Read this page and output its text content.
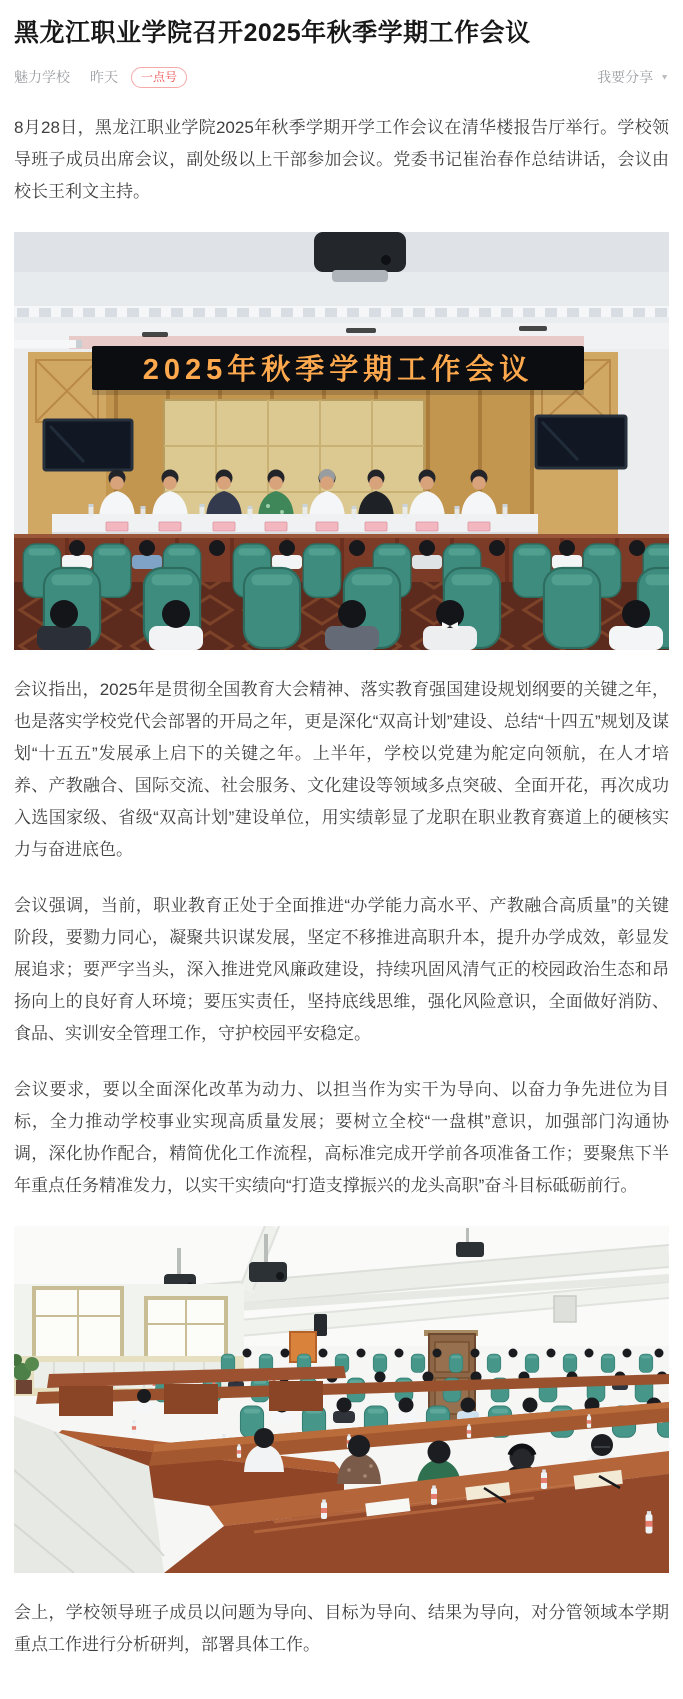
黑龙江职业学院召开2025年秋季学期工作会议
魅力学校 昨天	一点号	我要分享 ▼

8月28日，黑龙江职业学院2025年秋季学期开学工作会议在清华楼报告厅举行。学校领导班子成员出席会议，副处级以上干部参加会议。党委书记崔治春作总结讲话，会议由校长王利文主持。

2025年秋季学期工作会议

会议指出，2025年是贯彻全国教育大会精神、落实教育强国建设规划纲要的关键之年，也是落实学校党代会部署的开局之年，更是深化“双高计划”建设、总结“十四五”规划及谋划“十五五”发展承上启下的关键之年。上半年，学校以党建为舵定向领航，在人才培养、产教融合、国际交流、社会服务、文化建设等领域多点突破、全面开花，再次成功入选国家级、省级“双高计划”建设单位，用实绩彰显了龙职在职业教育赛道上的硬核实力与奋进底色。

会议强调，当前，职业教育正处于全面推进“办学能力高水平、产教融合高质量”的关键阶段，要勠力同心，凝聚共识谋发展，坚定不移推进高职升本，提升办学成效，彰显发展追求；要严字当头，深入推进党风廉政建设，持续巩固风清气正的校园政治生态和昂扬向上的良好育人环境；要压实责任，坚持底线思维，强化风险意识，全面做好消防、食品、实训安全管理工作，守护校园平安稳定。

会议要求，要以全面深化改革为动力、以担当作为实干为导向、以奋力争先进位为目标，全力推动学校事业实现高质量发展；要树立全校“一盘棋”意识，加强部门沟通协调，深化协作配合，精简优化工作流程，高标准完成开学前各项准备工作；要聚焦下半年重点任务精准发力，以实干实绩向“打造支撑振兴的龙头高职”奋斗目标砥砺前行。

会上，学校领导班子成员以问题为导向、目标为导向、结果为导向，对分管领域本学期重点工作进行分析研判，部署具体工作。
